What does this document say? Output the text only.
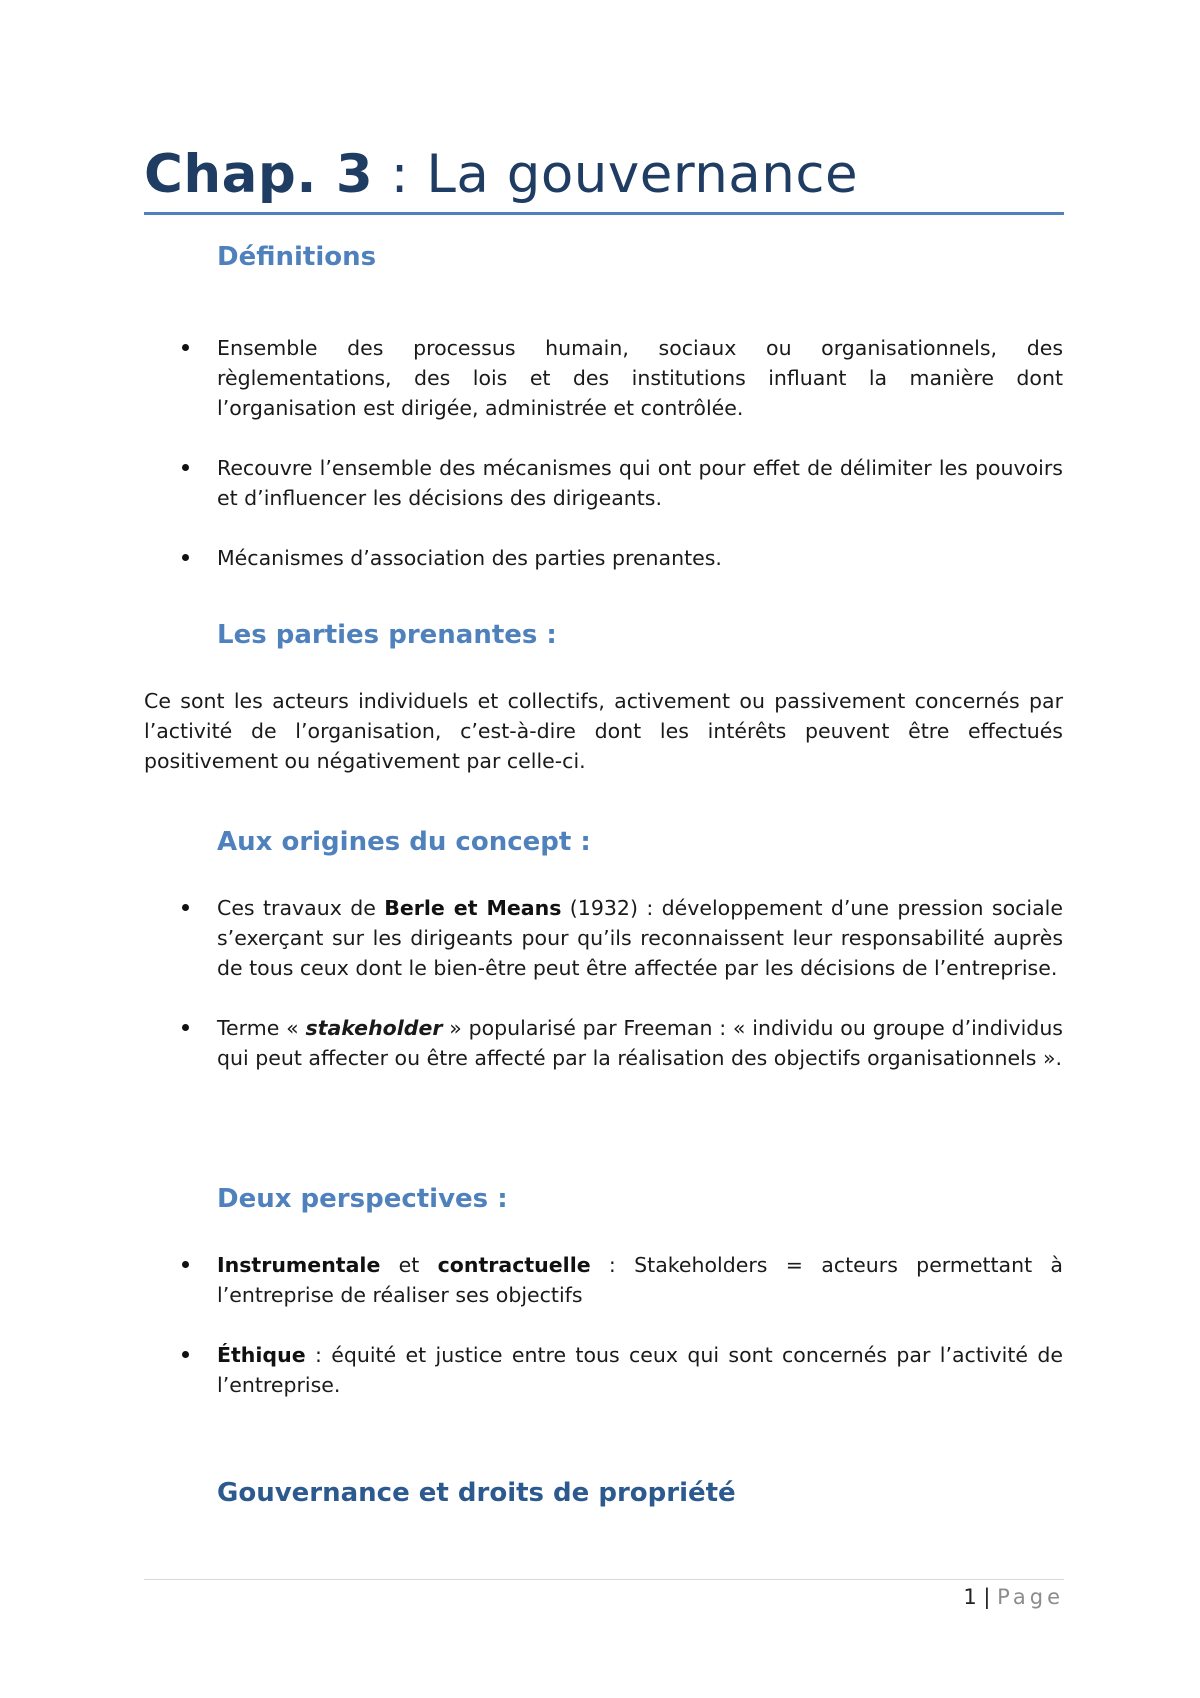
Chap. 3 : La gouvernance
Définitions
Ensemble des processus humain, sociaux ou organisationnels, des règlementations, des lois et des institutions influant la manière dont l’organisation est dirigée, administrée et contrôlée.
Recouvre l’ensemble des mécanismes qui ont pour effet de délimiter les pouvoirs et d’influencer les décisions des dirigeants.
Mécanismes d’association des parties prenantes.
Les parties prenantes :

Ce sont les acteurs individuels et collectifs, activement ou passivement concernés par l’activité de l’organisation, c’est-à-dire dont les intérêts peuvent être effectués positivement ou négativement par celle-ci.

Aux origines du concept :
Ces travaux de Berle et Means (1932) : développement d’une pression sociale s’exerçant sur les dirigeants pour qu’ils reconnaissent leur responsabilité auprès de tous ceux dont le bien-être peut être affectée par les décisions de l’entreprise.
Terme « stakeholder » popularisé par Freeman : « individu ou groupe d’individus qui peut affecter ou être affecté par la réalisation des objectifs organisationnels ».
Deux perspectives :
Instrumentale et contractuelle : Stakeholders = acteurs permettant à l’entreprise de réaliser ses objectifs
Éthique : équité et justice entre tous ceux qui sont concernés par l’activité de l’entreprise.
Gouvernance et droits de propriété
1 | Page
